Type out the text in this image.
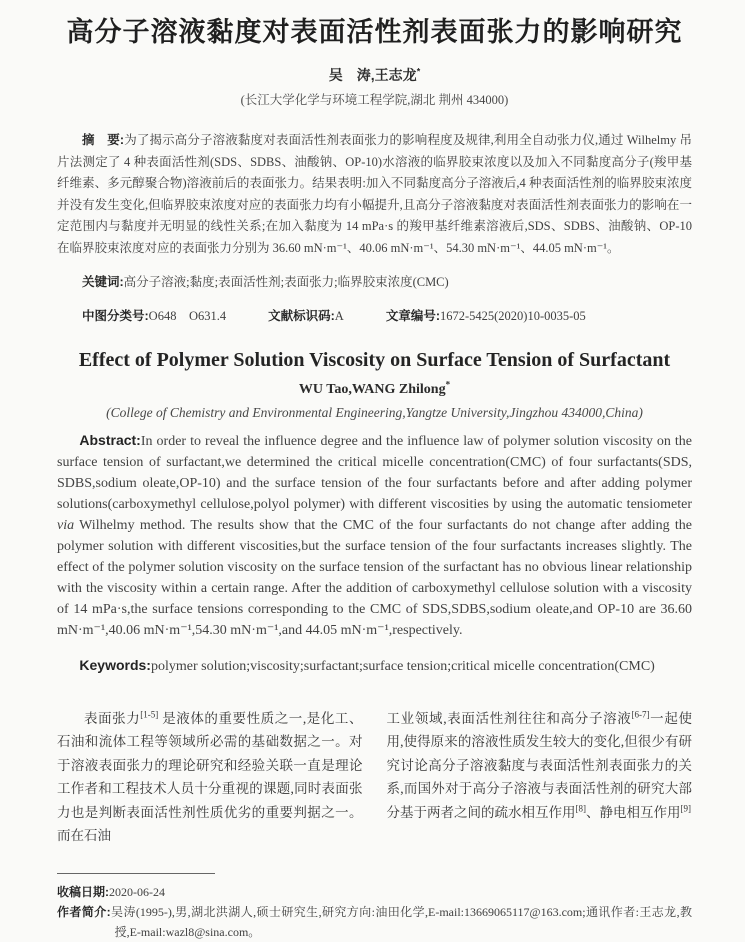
高分子溶液黏度对表面活性剂表面张力的影响研究
吴　涛,王志龙*
(长江大学化学与环境工程学院,湖北 荆州 434000)

摘　要:为了揭示高分子溶液黏度对表面活性剂表面张力的影响程度及规律,利用全自动张力仪,通过 Wilhelmy 吊片法测定了 4 种表面活性剂(SDS、SDBS、油酸钠、OP-10)水溶液的临界胶束浓度以及加入不同黏度高分子(羧甲基纤维素、多元醇聚合物)溶液前后的表面张力。结果表明:加入不同黏度高分子溶液后,4 种表面活性剂的临界胶束浓度并没有发生变化,但临界胶束浓度对应的表面张力均有小幅提升,且高分子溶液黏度对表面活性剂表面张力的影响在一定范围内与黏度并无明显的线性关系;在加入黏度为 14 mPa·s 的羧甲基纤维素溶液后,SDS、SDBS、油酸钠、OP-10 在临界胶束浓度对应的表面张力分别为 36.60 mN·m⁻¹、40.06 mN·m⁻¹、54.30 mN·m⁻¹、44.05 mN·m⁻¹。

关键词:高分子溶液;黏度;表面活性剂;表面张力;临界胶束浓度(CMC)

中图分类号:O648　O631.4	文献标识码:A	文章编号:1672-5425(2020)10-0035-05

Effect of Polymer Solution Viscosity on Surface Tension of Surfactant
WU Tao,WANG Zhilong*
(College of Chemistry and Environmental Engineering,Yangtze University,Jingzhou 434000,China)

Abstract:In order to reveal the influence degree and the influence law of polymer solution viscosity on the surface tension of surfactant,we determined the critical micelle concentration(CMC) of four surfactants(SDS, SDBS,sodium oleate,OP-10) and the surface tension of the four surfactants before and after adding polymer solutions(carboxymethyl cellulose,polyol polymer) with different viscosities by using the automatic tensiometer via Wilhelmy method. The results show that the CMC of the four surfactants do not change after adding the polymer solution with different viscosities,but the surface tension of the four surfactants increases slightly. The effect of the polymer solution viscosity on the surface tension of the surfactant has no obvious linear relationship with the viscosity within a certain range. After the addition of carboxymethyl cellulose solution with a viscosity of 14 mPa·s,the surface tensions corresponding to the CMC of SDS,SDBS,sodium oleate,and OP-10 are 36.60 mN·m⁻¹,40.06 mN·m⁻¹,54.30 mN·m⁻¹,and 44.05 mN·m⁻¹,respectively.

Keywords:polymer solution;viscosity;surfactant;surface tension;critical micelle concentration(CMC)

表面张力[1-5] 是液体的重要性质之一,是化工、石油和流体工程等领域所必需的基础数据之一。对于溶液表面张力的理论研究和经验关联一直是理论工作者和工程技术人员十分重视的课题,同时表面张力也是判断表面活性剂性质优劣的重要判据之一。而在石油

工业领域,表面活性剂往往和高分子溶液[6-7]一起使用,使得原来的溶液性质发生较大的变化,但很少有研究讨论高分子溶液黏度与表面活性剂表面张力的关系,而国外对于高分子溶液与表面活性剂的研究大部分基于两者之间的疏水相互作用[8]、静电相互作用[9]

收稿日期:2020-06-24

作者简介:吴涛(1995-),男,湖北洪湖人,硕士研究生,研究方向:油田化学,E-mail:13669065117@163.com;通讯作者:王志龙,教授,E-mail:wazl8@sina.com。
